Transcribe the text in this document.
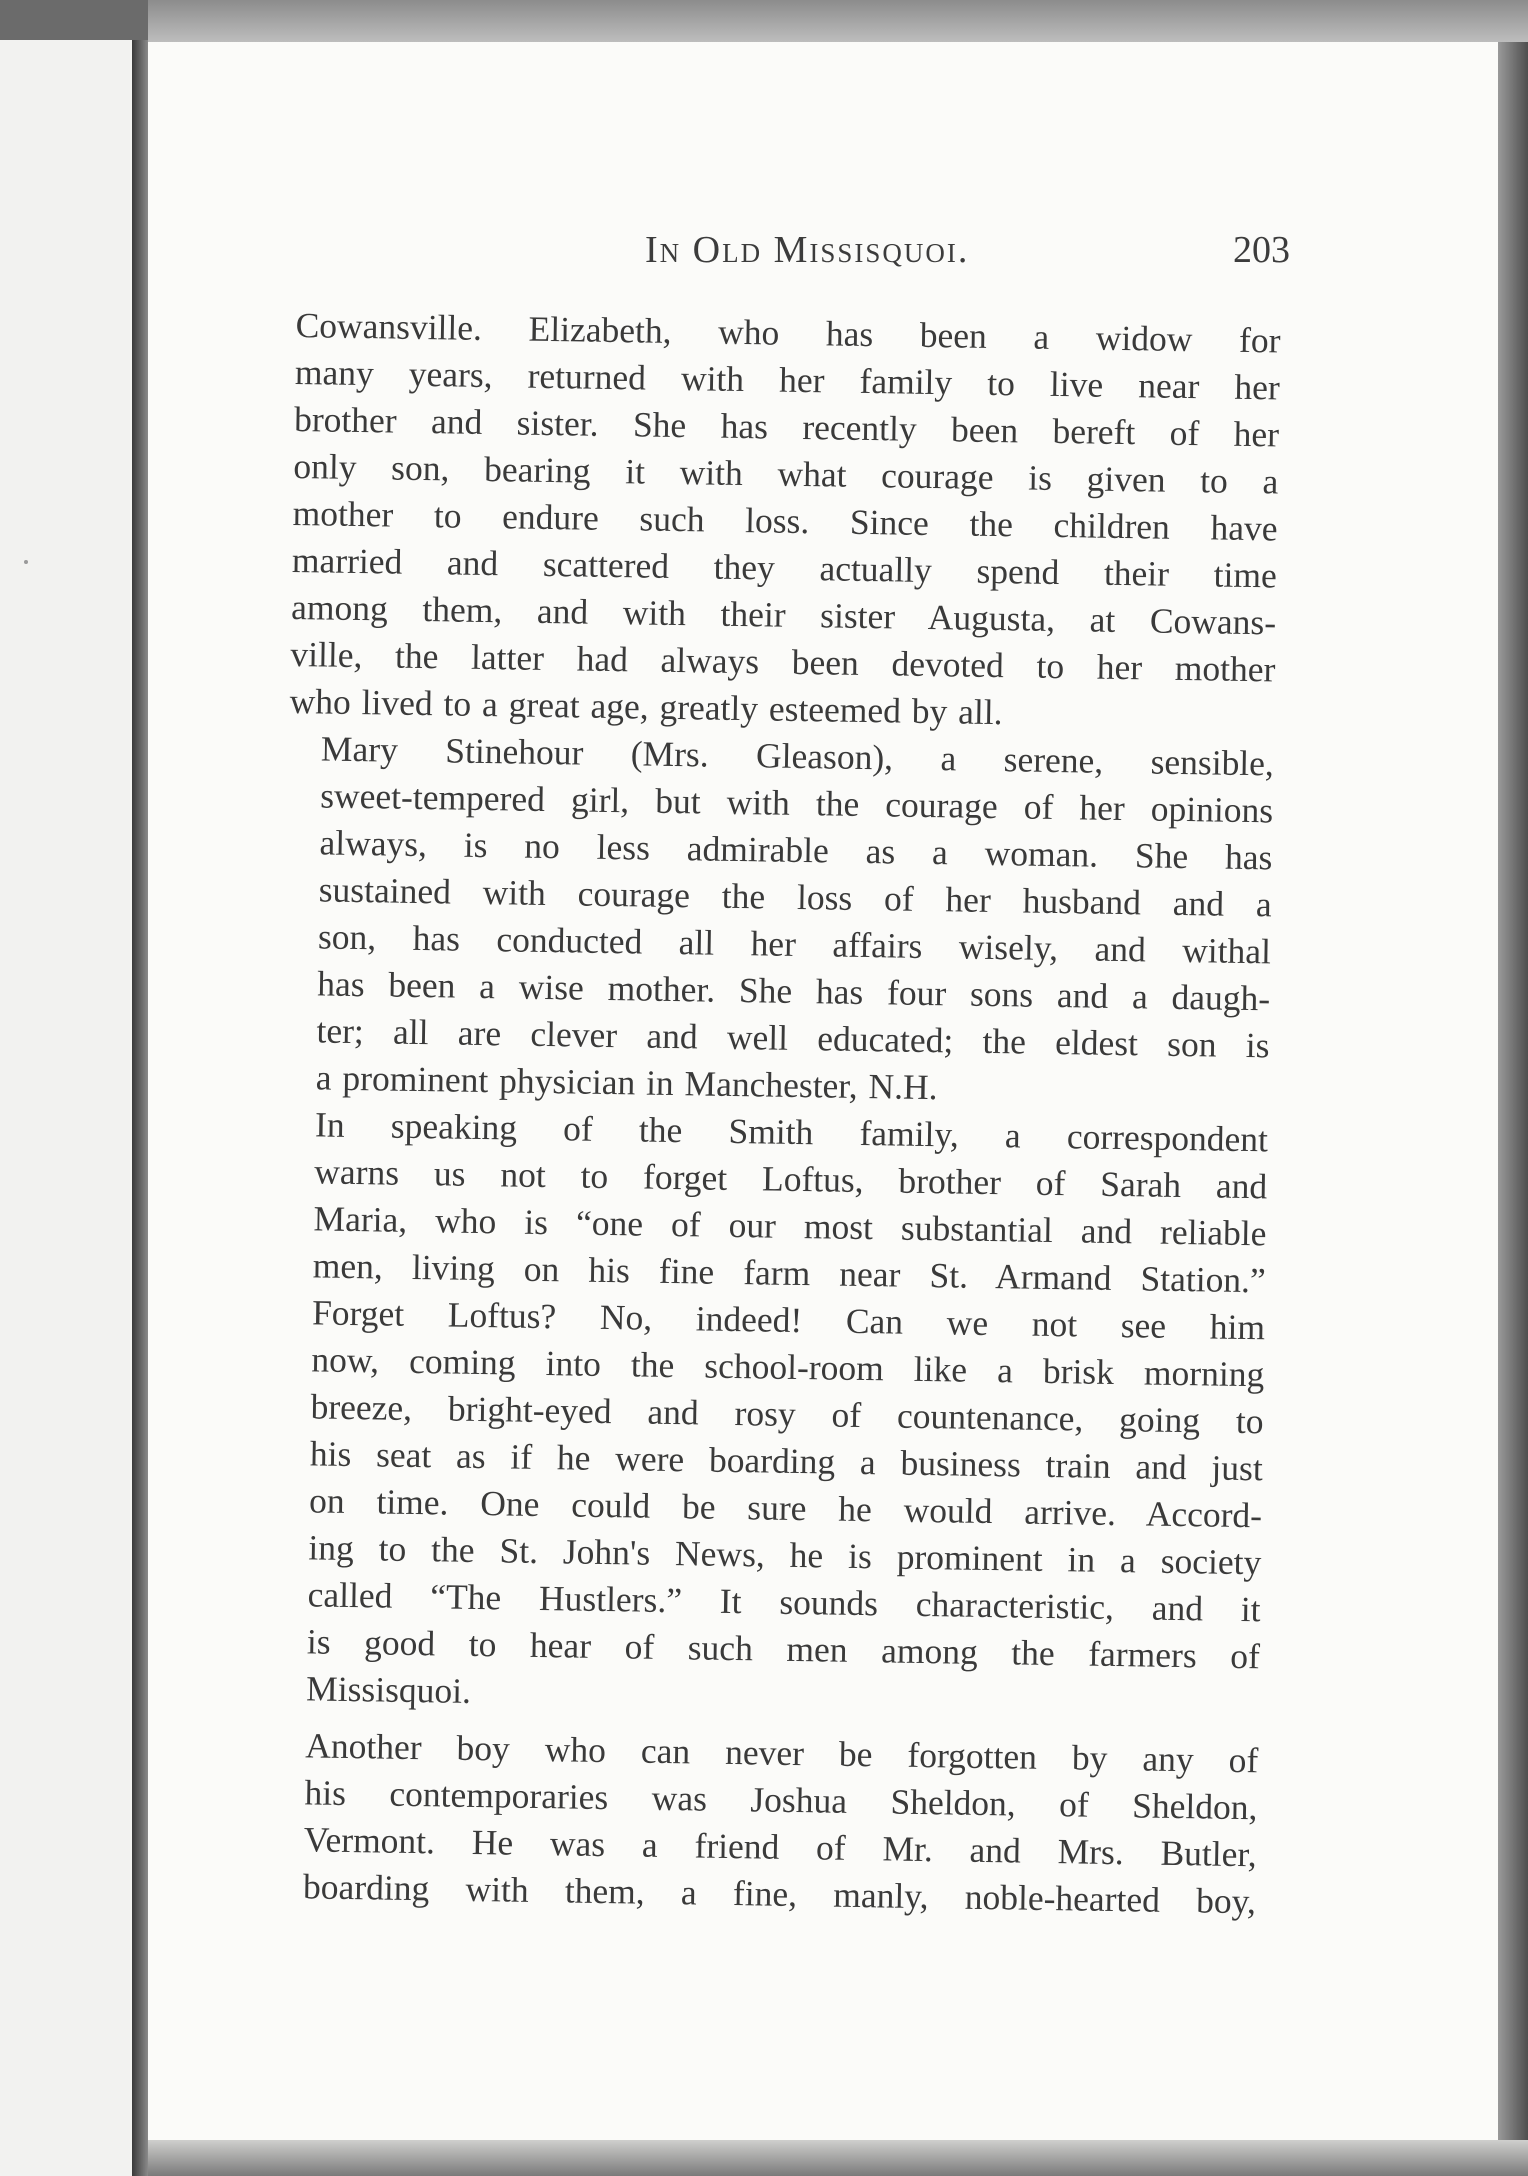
In Old Missisquoi.	203
Cowansville. Elizabeth, who has been a widow for
many years, returned with her family to live near her
brother and sister. She has recently been bereft of her
only son, bearing it with what courage is given to a
mother to endure such loss. Since the children have
married and scattered they actually spend their time
among them, and with their sister Augusta, at Cowans-
ville, the latter had always been devoted to her mother
who lived to a great age, greatly esteemed by all.
Mary Stinehour (Mrs. Gleason), a serene, sensible,
sweet-tempered girl, but with the courage of her opinions
always, is no less admirable as a woman. She has
sustained with courage the loss of her husband and a
son, has conducted all her affairs wisely, and withal
has been a wise mother. She has four sons and a daugh-
ter; all are clever and well educated; the eldest son is
a prominent physician in Manchester, N.H.
In speaking of the Smith family, a correspondent
warns us not to forget Loftus, brother of Sarah and
Maria, who is “one of our most substantial and reliable
men, living on his fine farm near St. Armand Station.”
Forget Loftus? No, indeed! Can we not see him
now, coming into the school-room like a brisk morning
breeze, bright-eyed and rosy of countenance, going to
his seat as if he were boarding a business train and just
on time. One could be sure he would arrive. Accord-
ing to the St. John's News, he is prominent in a society
called “The Hustlers.” It sounds characteristic, and it
is good to hear of such men among the farmers of
Missisquoi.
Another boy who can never be forgotten by any of
his contemporaries was Joshua Sheldon, of Sheldon,
Vermont. He was a friend of Mr. and Mrs. Butler,
boarding with them, a fine, manly, noble-hearted boy,
